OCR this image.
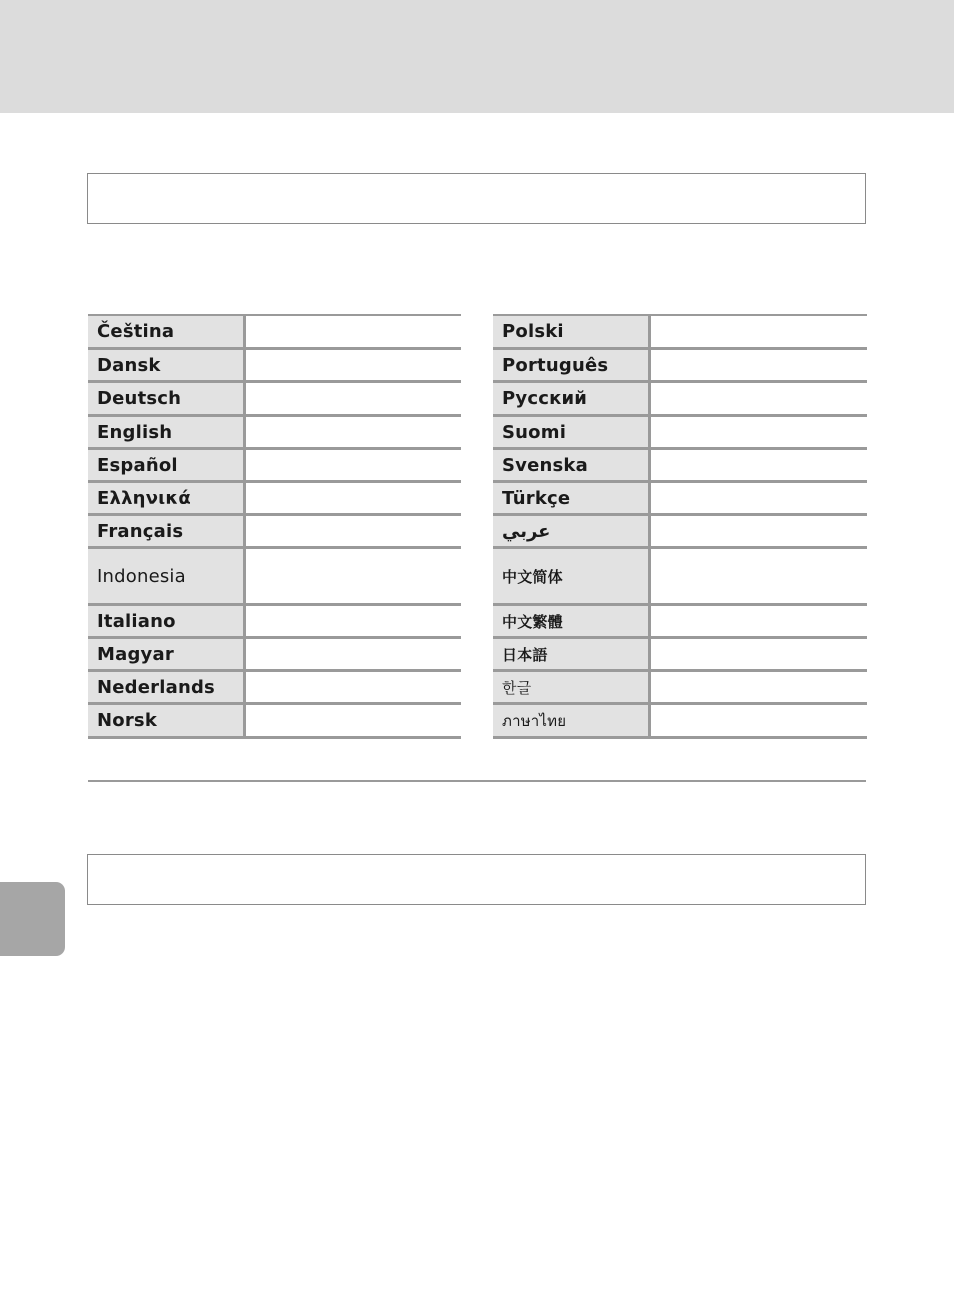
Čeština
Dansk
Deutsch
English
Español
Ελληνικά
Français
Indonesia
Italiano
Magyar
Nederlands
Norsk
Polski
Português
Русский
Suomi
Svenska
Türkçe
عربي
中文简体
中文繁體
日本語
한글
ภาษาไทย
